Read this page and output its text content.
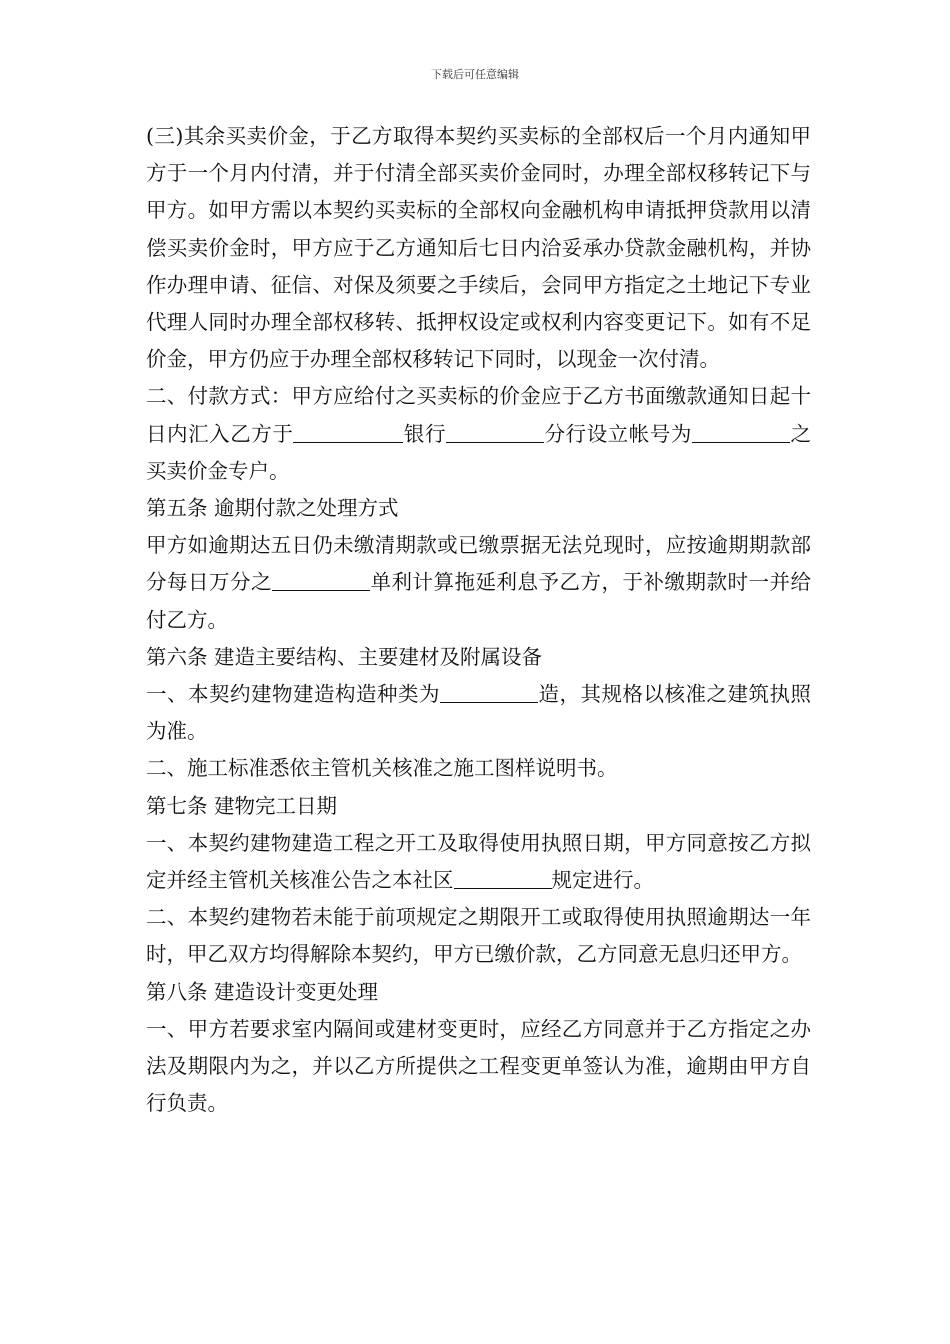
下载后可任意编辑

(三)其余买卖价金，于乙方取得本契约买卖标的全部权后一个月内通知甲方于一个月内付清，并于付清全部买卖价金同时，办理全部权移转记下与甲方。如甲方需以本契约买卖标的全部权向金融机构申请抵押贷款用以清偿买卖价金时，甲方应于乙方通知后七日内洽妥承办贷款金融机构，并协作办理申请、征信、对保及须要之手续后，会同甲方指定之土地记下专业代理人同时办理全部权移转、抵押权设定或权利内容变更记下。如有不足价金，甲方仍应于办理全部权移转记下同时，以现金一次付清。

二、付款方式：甲方应给付之买卖标的价金应于乙方书面缴款通知日起十日内汇入乙方于	银行	分行设立帐号为	之买卖价金专户。

第五条 逾期付款之处理方式

甲方如逾期达五日仍未缴清期款或已缴票据无法兑现时，应按逾期期款部分每日万分之	单利计算拖延利息予乙方，于补缴期款时一并给付乙方。

第六条 建造主要结构、主要建材及附属设备

一、本契约建物建造构造种类为	造，其规格以核准之建筑执照为准。

二、施工标准悉依主管机关核准之施工图样说明书。

第七条 建物完工日期

一、本契约建物建造工程之开工及取得使用执照日期，甲方同意按乙方拟定并经主管机关核准公告之本社区	规定进行。

二、本契约建物若未能于前项规定之期限开工或取得使用执照逾期达一年时，甲乙双方均得解除本契约，甲方已缴价款，乙方同意无息归还甲方。

第八条 建造设计变更处理

一、甲方若要求室内隔间或建材变更时，应经乙方同意并于乙方指定之办法及期限内为之，并以乙方所提供之工程变更单签认为准，逾期由甲方自行负责。
